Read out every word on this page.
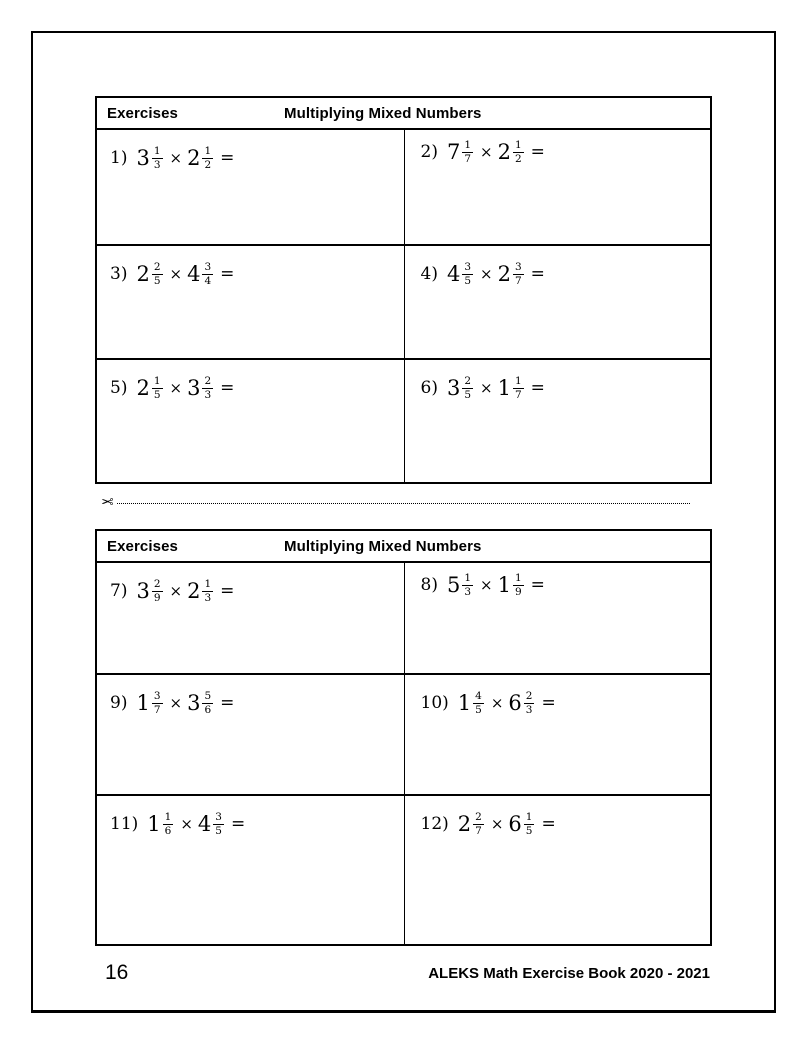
Exercises	Multiplying Mixed Numbers
1) $3 \frac{1}{3} \times 2 \frac{1}{2}$ =	2) $7 \frac{1}{7} \times 2 \frac{1}{2}$ =
3) $2 \frac{2}{5} \times 4 \frac{3}{4}$ =	4) $4 \frac{3}{5} \times 2 \frac{3}{7}$ =
5) $2 \frac{1}{5} \times 3 \frac{2}{3}$ =	6) $3 \frac{2}{5} \times 1 \frac{1}{7}$ =
✂
Exercises	Multiplying Mixed Numbers
7) $3 \frac{2}{9} \times 2 \frac{1}{3}$ =	8) $5 \frac{1}{3} \times 1 \frac{1}{9}$ =
9) $1 \frac{3}{7} \times 3 \frac{5}{6}$ =	10) $1 \frac{4}{5} \times 6 \frac{2}{3}$ =
11) $1 \frac{1}{6} \times 4 \frac{3}{5}$ =	12) $2 \frac{2}{7} \times 6 \frac{1}{5}$ =
16	ALEKS Math Exercise Book 2020 - 2021
